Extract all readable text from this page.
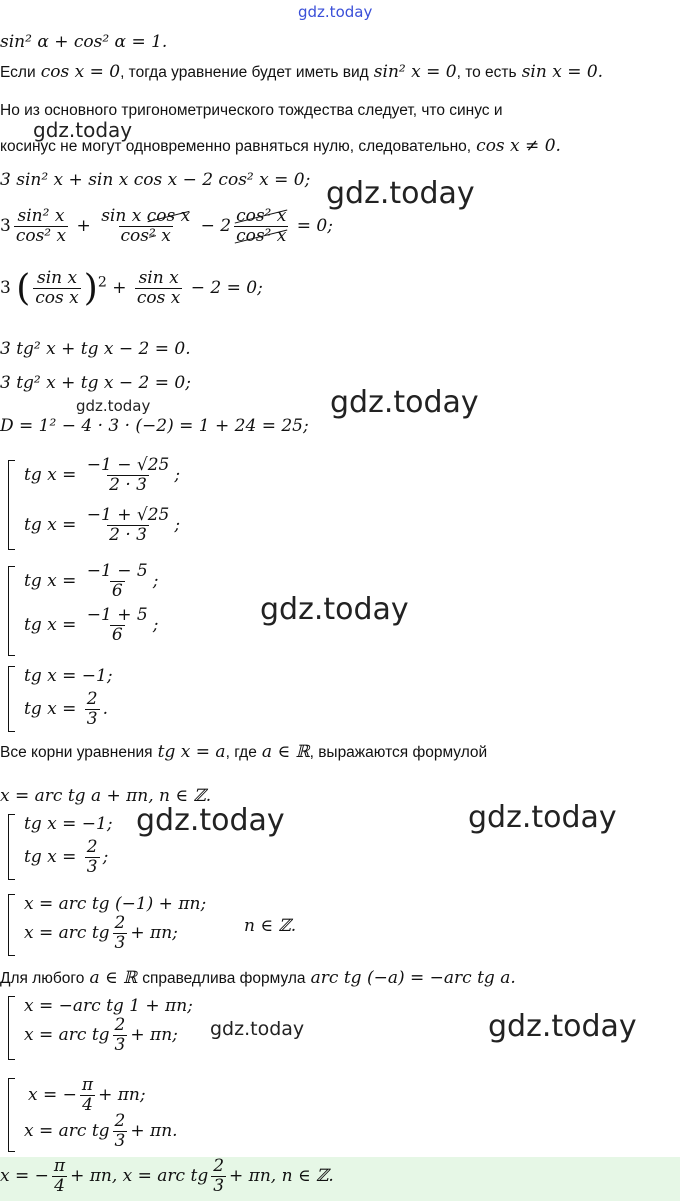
gdz.today
gdz.today
gdz.today
gdz.today	gdz.today
gdz.today
gdz.today	gdz.today
gdz.today	gdz.today
sin² α + cos² α = 1.
Если cos x = 0, тогда уравнение будет иметь вид sin² x = 0, то есть sin x = 0.
Но из основного тригонометрического тождества следует, что синус и
косинус не могут одновременно равняться нулю, следовательно, cos x ≠ 0.
3 sin² x + sin x cos x − 2 cos² x = 0;
$3 \frac{\text{sin² x}}{\text{cos² x}} + \frac{\text{sin x cos x}}{\text{cos² x}} - 2 \frac{\text{cos² x}}{\text{cos² x}} = 0$;
3 ( $\frac{\text{sin x}}{\text{cos x}} )^2 + \frac{\text{sin x}}{\text{cos x}} - 2 = 0$;
3 tg² x + tg x − 2 = 0.
3 tg² x + tg x − 2 = 0;
D = 1² − 4 · 3 · (−2) = 1 + 24 = 25;
tg $x = \frac{-1 - √25}{2 \cdot 3}$ ;
tg $x = \frac{-1 + √25}{2 \cdot 3}$ ;
tg $x = \frac{-1 - 5}{6}$ ;
tg $x = \frac{-1 + 5}{6}$ ;
tg x = −1;
tg $x = \frac{2}{3}$ .
Все корни уравнения tg x = a, где a ∈ ℝ, выражаются формулой
x = arc tg a + πn, n ∈ ℤ.
tg x = −1;
tg $x = \frac{2}{3}$ ;
x = arc tg (−1) + πn;
x = arc tg $\frac{2}{3} + \pi n$;	n ∈ ℤ.
Для любого a ∈ ℝ справедлива формула arc tg (−a) = −arc tg a.
x = −arc tg 1 + πn;
x = arc tg $\frac{2}{3} + \pi n$;
x = − $\frac{\pi}{4} + \pi n$;
x = arc tg $\frac{2}{3} + \pi n$.
x = − $\frac{\pi}{4} + \pi n$, x = arc tg $\frac{2}{3} + \pi n$, n ∈ ℤ.
